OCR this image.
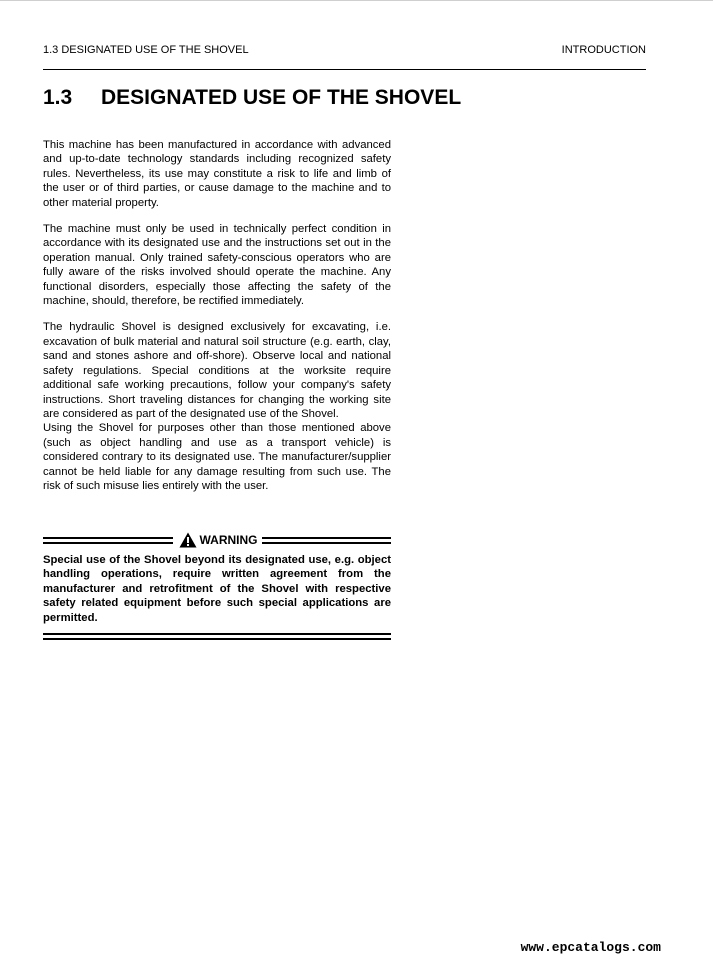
1.3 DESIGNATED USE OF THE SHOVEL	INTRODUCTION
1.3 DESIGNATED USE OF THE SHOVEL

This machine has been manufactured in accordance with advanced and up-to-date technology standards including recognized safety rules. Nevertheless, its use may constitute a risk to life and limb of the user or of third parties, or cause damage to the machine and to other material property.

The machine must only be used in technically perfect condition in accordance with its designated use and the instructions set out in the operation manual. Only trained safety-conscious operators who are fully aware of the risks involved should operate the machine. Any functional disorders, especially those affecting the safety of the machine, should, therefore, be rectified immediately.

The hydraulic Shovel is designed exclusively for excavating, i.e. excavation of bulk material and natural soil structure (e.g. earth, clay, sand and stones ashore and off-shore). Observe local and national safety regulations. Special conditions at the worksite require additional safe working precautions, follow your company's safety instructions. Short traveling distances for changing the working site are considered as part of the designated use of the Shovel.

Using the Shovel for purposes other than those mentioned above (such as object handling and use as a transport vehicle) is considered contrary to its designated use. The manufacturer/supplier cannot be held liable for any damage resulting from such use. The risk of such misuse lies entirely with the user.

WARNING
Special use of the Shovel beyond its designated use, e.g. object handling operations, require written agreement from the manufacturer and retrofitment of the Shovel with respective safety related equipment before such special applications are permitted.
www.epcatalogs.com
